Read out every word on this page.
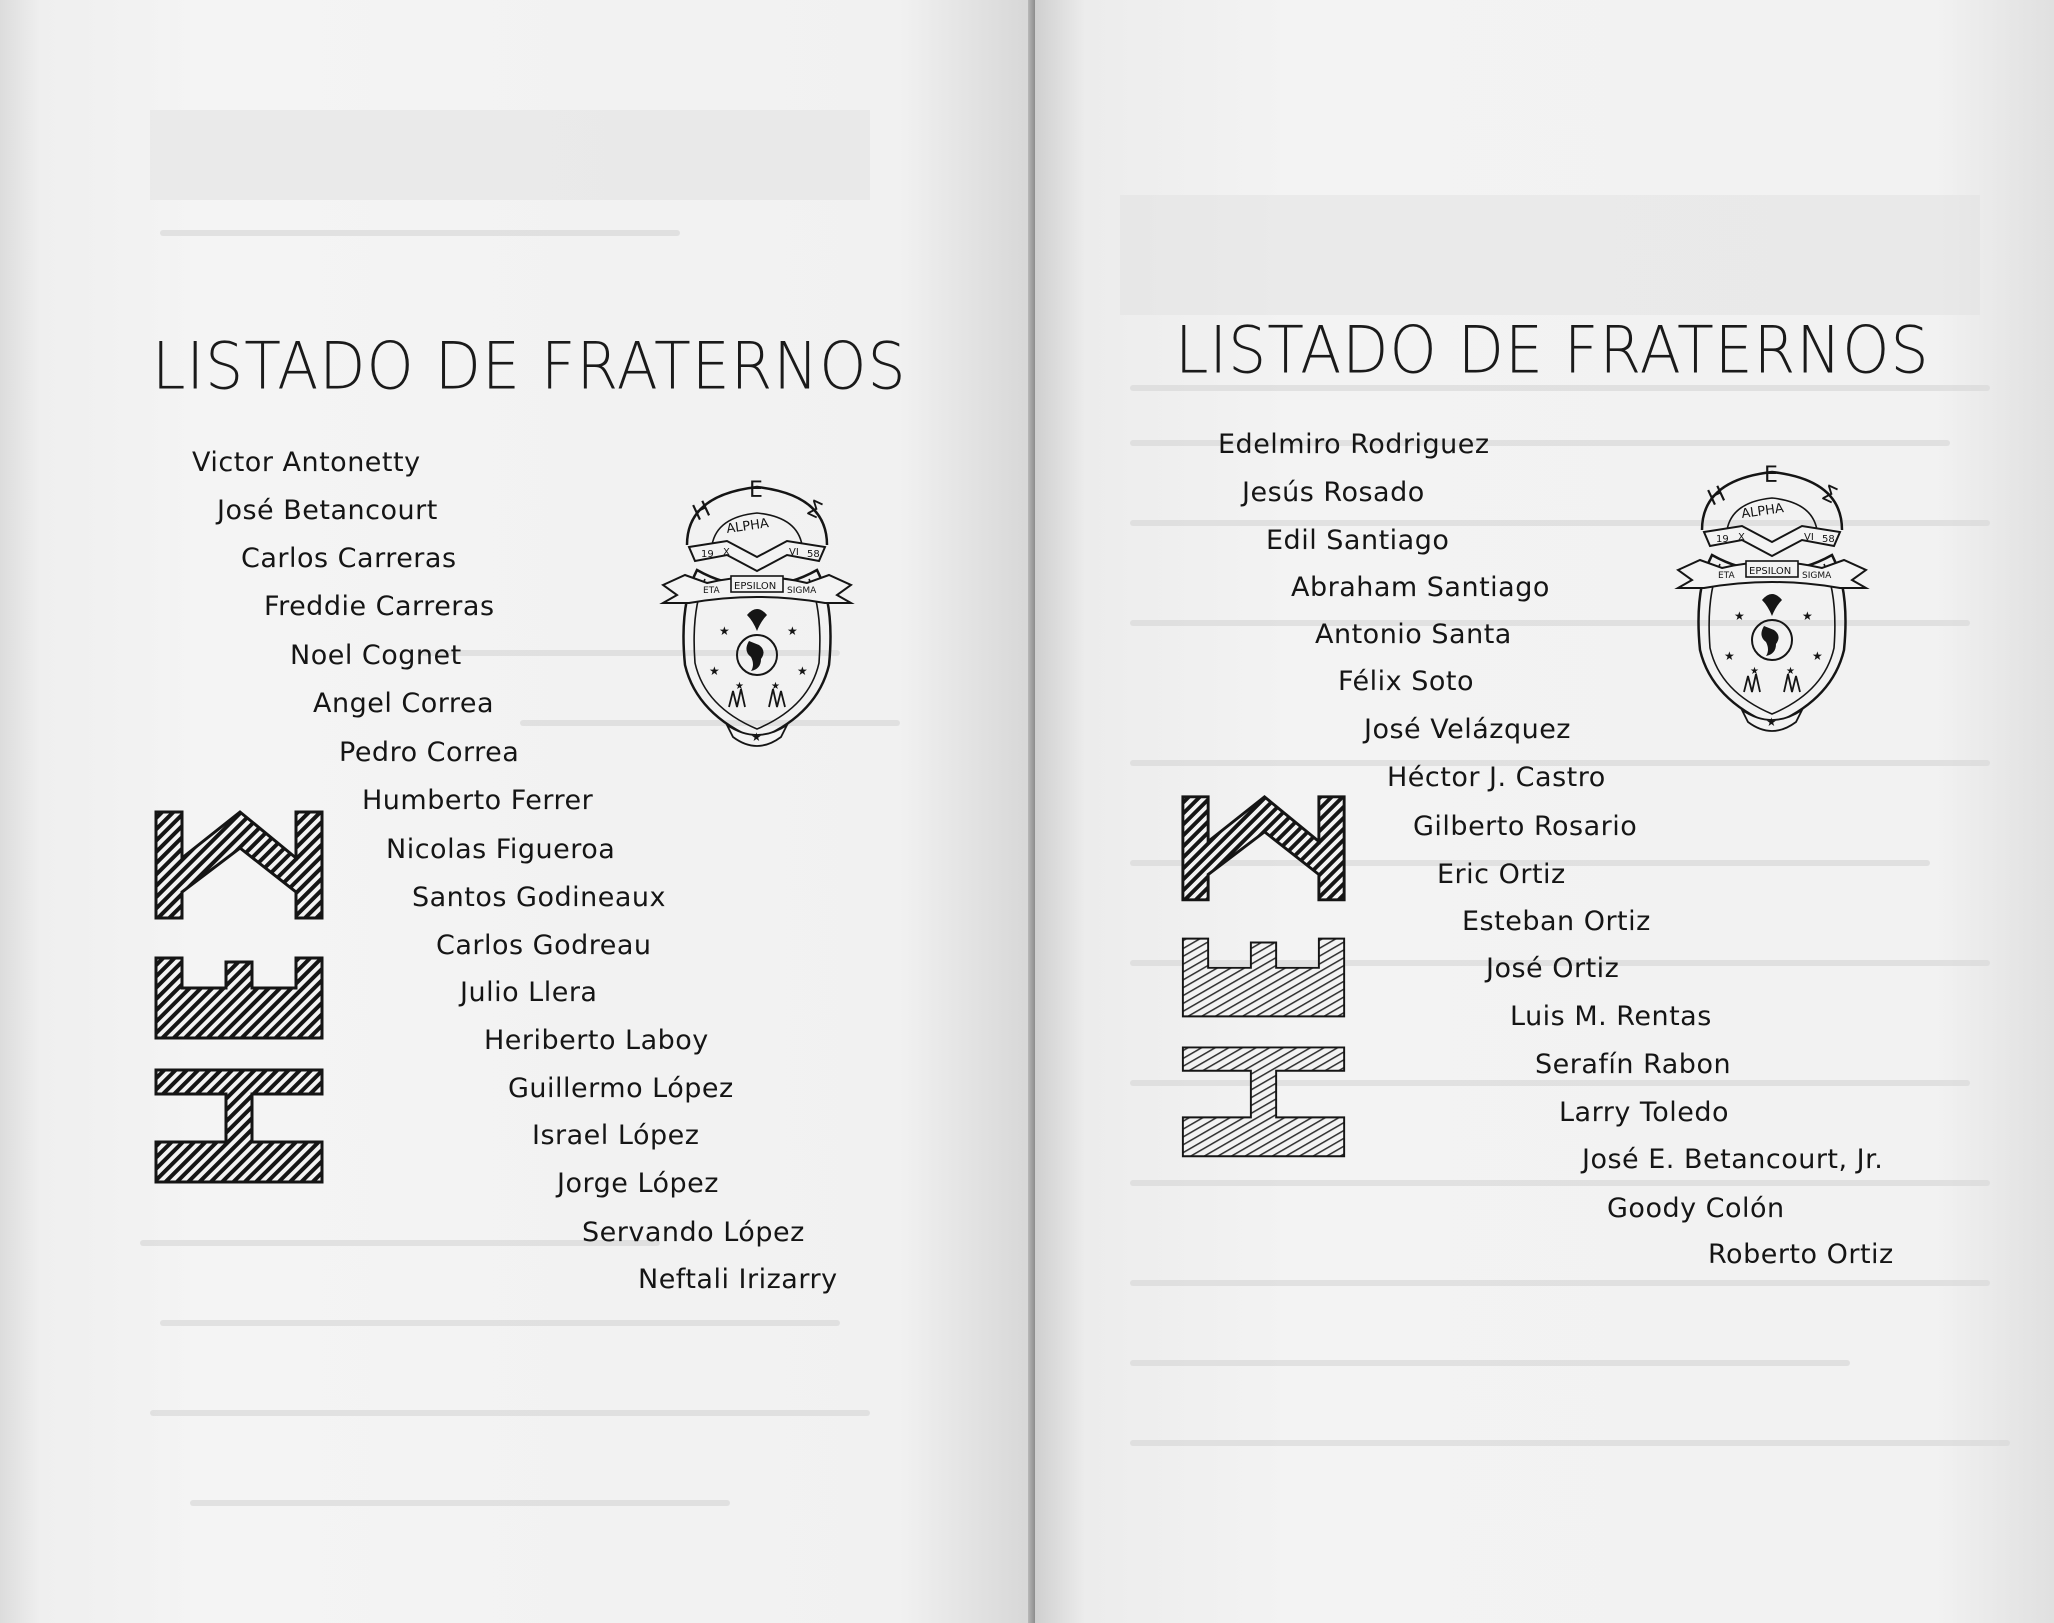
LISTADO DE FRATERNOS
Victor Antonetty
José Betancourt
Carlos Carreras
Freddie Carreras
Noel Cognet
Angel Correa
Pedro Correa
Humberto Ferrer
Nicolas Figueroa
Santos Godineaux
Carlos Godreau
Julio Llera
Heriberto Laboy
Guillermo López
Israel López
Jorge López
Servando López
Neftali Irizarry
Η
Ε
Σ
ALPHA
19 X	VI 58
ETA EPSILON SIGMA
★	★
★	★
★	★
★
LISTADO DE FRATERNOS
Edelmiro Rodriguez
Jesús Rosado
Edil Santiago
Abraham Santiago
Antonio Santa
Félix Soto
José Velázquez
Héctor J. Castro
Gilberto Rosario
Eric Ortiz
Esteban Ortiz
José Ortiz
Luis M. Rentas
Serafín Rabon
Larry Toledo
José E. Betancourt, Jr.
Goody Colón
Roberto Ortiz
Η
Ε
Σ
ALPHA
19 X	VI 58
ETA EPSILON SIGMA
★	★
★	★
★	★
★
